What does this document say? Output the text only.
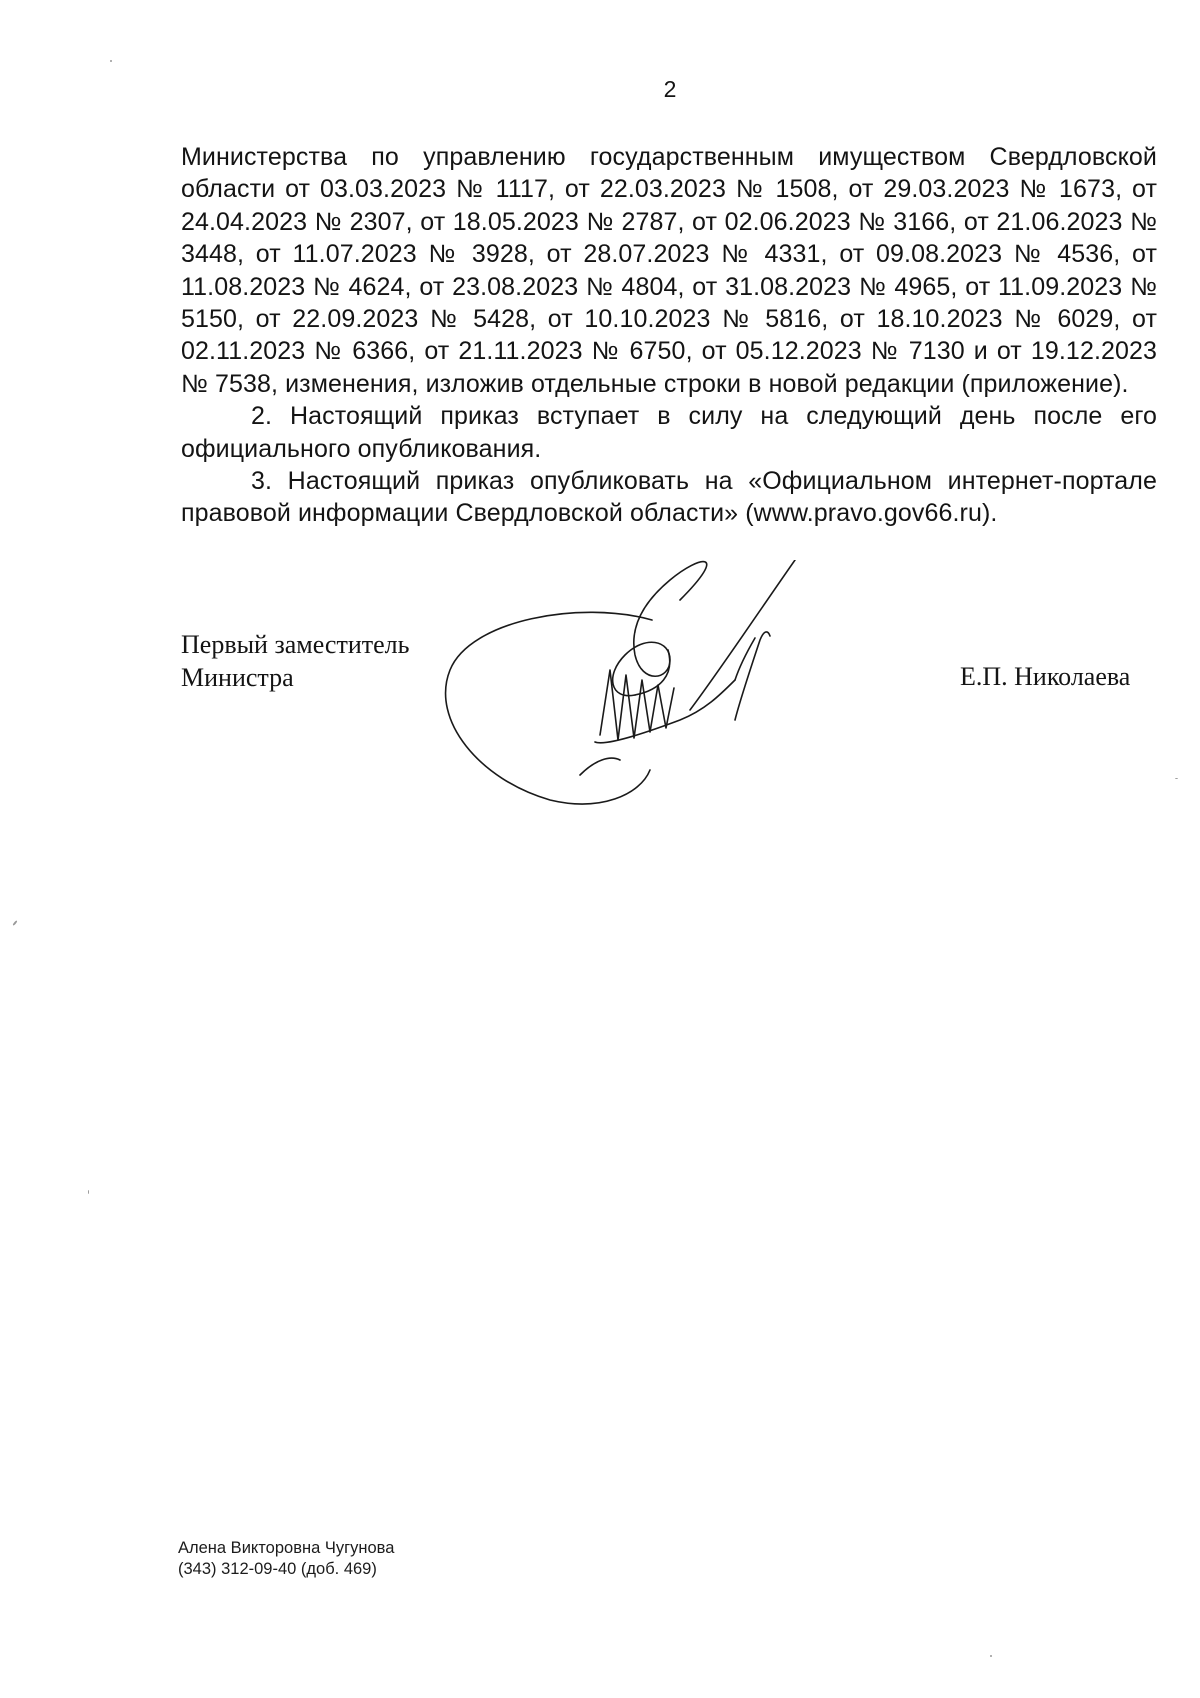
2

Министерства по управлению государственным имуществом Свердловской области от 03.03.2023 № 1117, от 22.03.2023 № 1508, от 29.03.2023 № 1673, от 24.04.2023 № 2307, от 18.05.2023 № 2787, от 02.06.2023 № 3166, от 21.06.2023 № 3448, от 11.07.2023 № 3928, от 28.07.2023 № 4331, от 09.08.2023 № 4536, от 11.08.2023 № 4624, от 23.08.2023 № 4804, от 31.08.2023 № 4965, от 11.09.2023 № 5150, от 22.09.2023 № 5428, от 10.10.2023 № 5816, от 18.10.2023 № 6029, от 02.11.2023 № 6366, от 21.11.2023 № 6750, от 05.12.2023 № 7130 и от 19.12.2023 № 7538, изменения, изложив отдельные строки в новой редакции (приложение).

2. Настоящий приказ вступает в силу на следующий день после его официального опубликования.

3. Настоящий приказ опубликовать на «Официальном интернет-портале правовой информации Свердловской области» (www.pravo.gov66.ru).

Первый заместитель
Министра	Е.П. Николаева
Алена Викторовна Чугунова
(343) 312-09-40 (доб. 469)
